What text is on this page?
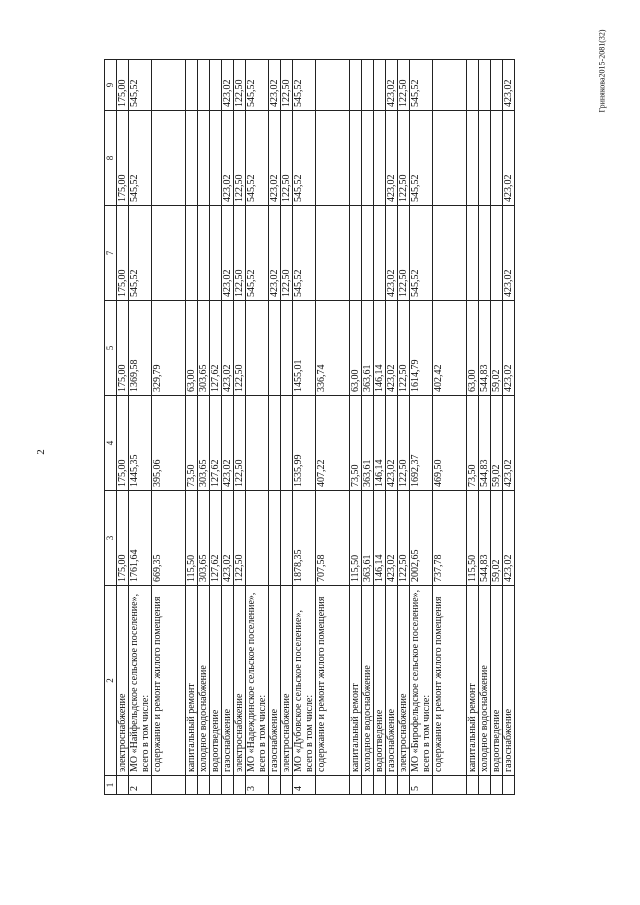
2
Гринякова2015-2081(32)
1	2	3	4	5	7	8	9
	электроснабжение	175,00	175,00	175,00	175,00	175,00	175,00
2	МО «Найфельдское сельское поселение», всего в том числе:	1761,64	1445,35	1369,58	545,52	545,52	545,52
	содержание и ремонт жилого помещения	669,35	395,06	329,79			
	капитальный ремонт	115,50	73,50	63,00			
	холодное водоснабжение	303,65	303,65	303,65			
	водоотведение	127,62	127,62	127,62			
	газоснабжение	423,02	423,02	423,02	423,02	423,02	423,02
	электроснабжение	122,50	122,50	122,50	122,50	122,50	122,50
3	МО «Надеждинское сельское поселение», всего в том числе:				545,52	545,52	545,52
	газоснабжение				423,02	423,02	423,02
	электроснабжение				122,50	122,50	122,50
4	МО «Дубовское сельское поселение», всего в том числе:	1878,35	1535,99	1455,01	545,52	545,52	545,52
	содержание и ремонт жилого помещения	707,58	407,22	336,74			
	капитальный ремонт	115,50	73,50	63,00			
	холодное водоснабжение	363,61	363,61	363,61			
	водоотведение	146,14	146,14	146,14			
	газоснабжение	423,02	423,02	423,02	423,02	423,02	423,02
	электроснабжение	122,50	122,50	122,50	122,50	122,50	122,50
5	МО «Бирофельдское сельское поселение», всего в том числе:	2002,65	1692,37	1614,79	545,52	545,52	545,52
	содержание и ремонт жилого помещения	737,78	469,50	402,42			
	капитальный ремонт	115,50	73,50	63,00			
	холодное водоснабжение	544,83	544,83	544,83			
	водоотведение	59,02	59,02	59,02			
	газоснабжение	423,02	423,02	423,02	423,02	423,02	423,02
